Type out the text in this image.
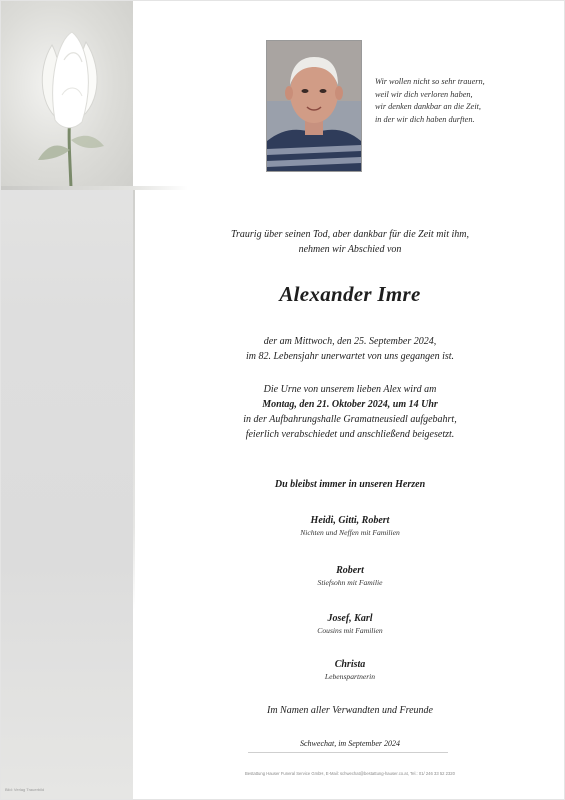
Bild: Verlag Trauerbild
Wir wollen nicht so sehr trauern,
weil wir dich verloren haben,
wir denken dankbar an die Zeit,
in der wir dich haben durften.
Traurig über seinen Tod, aber dankbar für die Zeit mit ihm,
nehmen wir Abschied von
Alexander Imre
der am Mittwoch, den 25. September 2024,
im 82. Lebensjahr unerwartet von uns gegangen ist.
Die Urne von unserem lieben Alex wird am
Montag, den 21. Oktober 2024, um 14 Uhr
in der Aufbahrungshalle Gramatneusiedl aufgebahrt,
feierlich verabschiedet und anschließend beigesetzt.
Du bleibst immer in unseren Herzen
Heidi, Gitti, Robert
Nichten und Neffen mit Familien
Robert
Stiefsohn mit Familie
Josef, Karl
Cousins mit Familien
Christa
Lebenspartnerin
Im Namen aller Verwandten und Freunde
Schwechat, im September 2024
Bestattung Hauser Funeral Service GmbH, E-Mail: schwechat@bestattung-hauser.co.at, Tel.: 01/ 246 33 52 2320
